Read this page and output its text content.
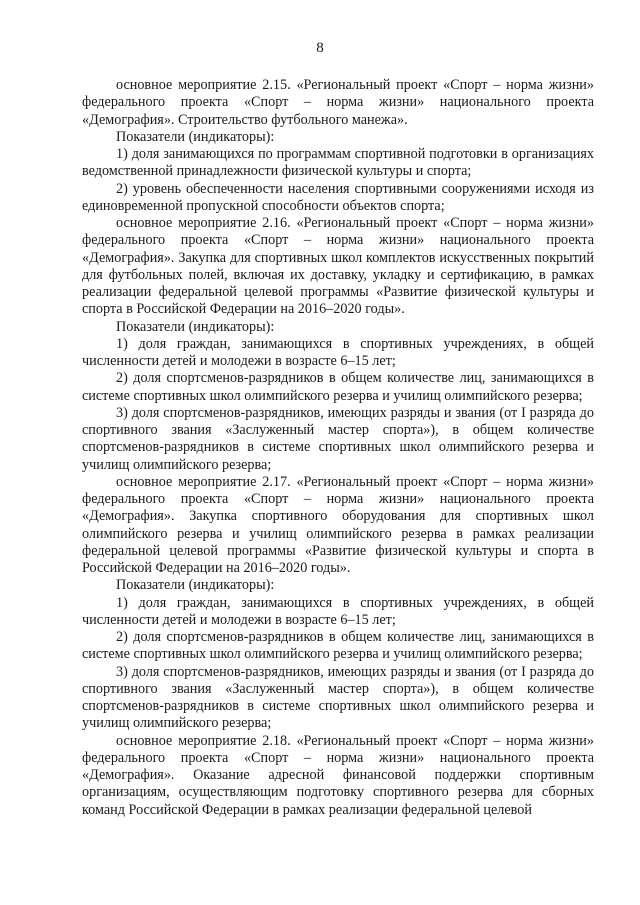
8

основное мероприятие 2.15. «Региональный проект «Спорт – норма жизни» федерального проекта «Спорт – норма жизни» национального проекта «Демография». Строительство футбольного манежа».

Показатели (индикаторы):

1) доля занимающихся по программам спортивной подготовки в организациях ведомственной принадлежности физической культуры и спорта;

2) уровень обеспеченности населения спортивными сооружениями исходя из единовременной пропускной способности объектов спорта;

основное мероприятие 2.16. «Региональный проект «Спорт – норма жизни» федерального проекта «Спорт – норма жизни» национального проекта «Демография». Закупка для спортивных школ комплектов искусственных покрытий для футбольных полей, включая их доставку, укладку и сертификацию, в рамках реализации федеральной целевой программы «Развитие физической культуры и спорта в Российской Федерации на 2016–2020 годы».

Показатели (индикаторы):

1) доля граждан, занимающихся в спортивных учреждениях, в общей численности детей и молодежи в возрасте 6–15 лет;

2) доля спортсменов-разрядников в общем количестве лиц, занимающихся в системе спортивных школ олимпийского резерва и училищ олимпийского резерва;

3) доля спортсменов-разрядников, имеющих разряды и звания (от I разряда до спортивного звания «Заслуженный мастер спорта»), в общем количестве спортсменов-разрядников в системе спортивных школ олимпийского резерва и училищ олимпийского резерва;

основное мероприятие 2.17. «Региональный проект «Спорт – норма жизни» федерального проекта «Спорт – норма жизни» национального проекта «Демография». Закупка спортивного оборудования для спортивных школ олимпийского резерва и училищ олимпийского резерва в рамках реализации федеральной целевой программы «Развитие физической культуры и спорта в Российской Федерации на 2016–2020 годы».

Показатели (индикаторы):

1) доля граждан, занимающихся в спортивных учреждениях, в общей численности детей и молодежи в возрасте 6–15 лет;

2) доля спортсменов-разрядников в общем количестве лиц, занимающихся в системе спортивных школ олимпийского резерва и училищ олимпийского резерва;

3) доля спортсменов-разрядников, имеющих разряды и звания (от I разряда до спортивного звания «Заслуженный мастер спорта»), в общем количестве спортсменов-разрядников в системе спортивных школ олимпийского резерва и училищ олимпийского резерва;

основное мероприятие 2.18. «Региональный проект «Спорт – норма жизни» федерального проекта «Спорт – норма жизни» национального проекта «Демография». Оказание адресной финансовой поддержки спортивным организациям, осуществляющим подготовку спортивного резерва для сборных команд Российской Федерации в рамках реализации федеральной целевой
